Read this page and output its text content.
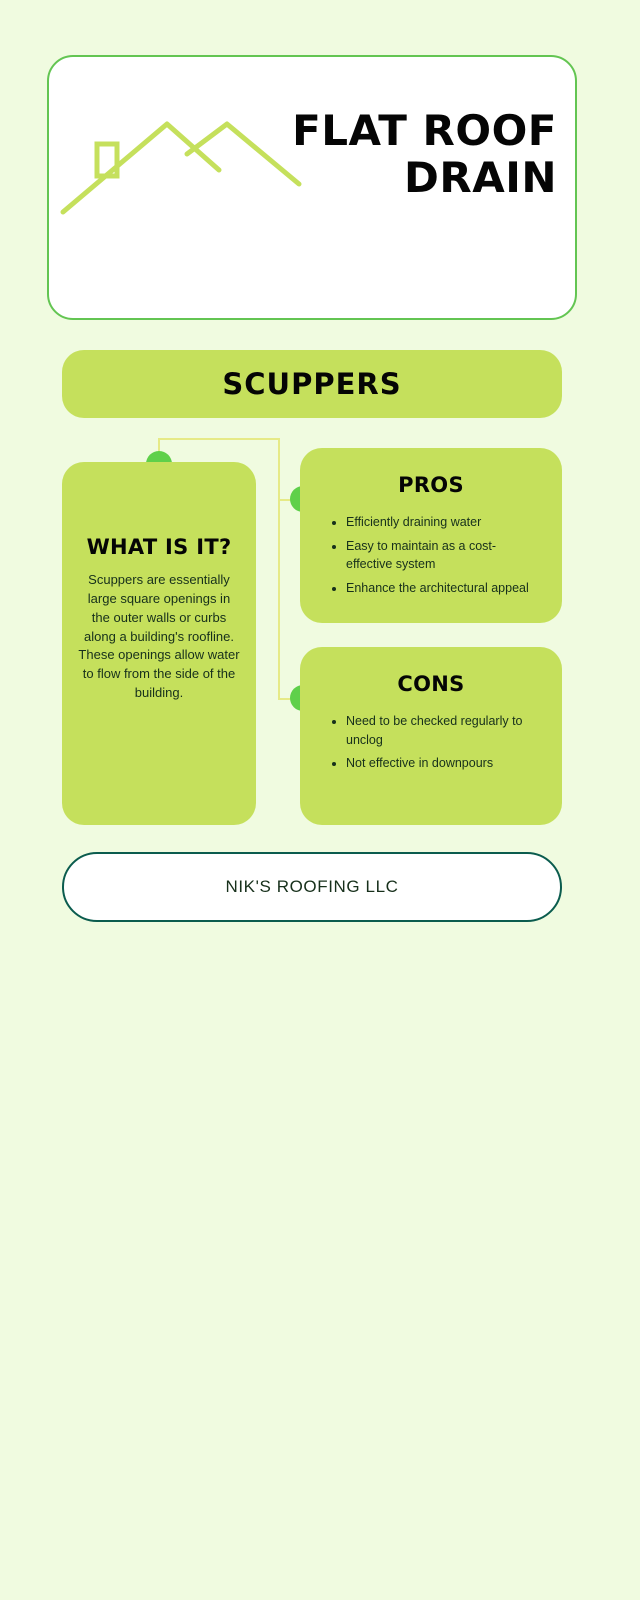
FLAT ROOF DRAIN
SCUPPERS
WHAT IS IT?
Scuppers are essentially large square openings in the outer walls or curbs along a building's roofline. These openings allow water to flow from the side of the building.
PROS
• Efficiently draining water
• Easy to maintain as a cost-effective system
• Enhance the architectural appeal
CONS
• Need to be checked regularly to unclog
• Not effective in downpours
NIK'S ROOFING LLC
